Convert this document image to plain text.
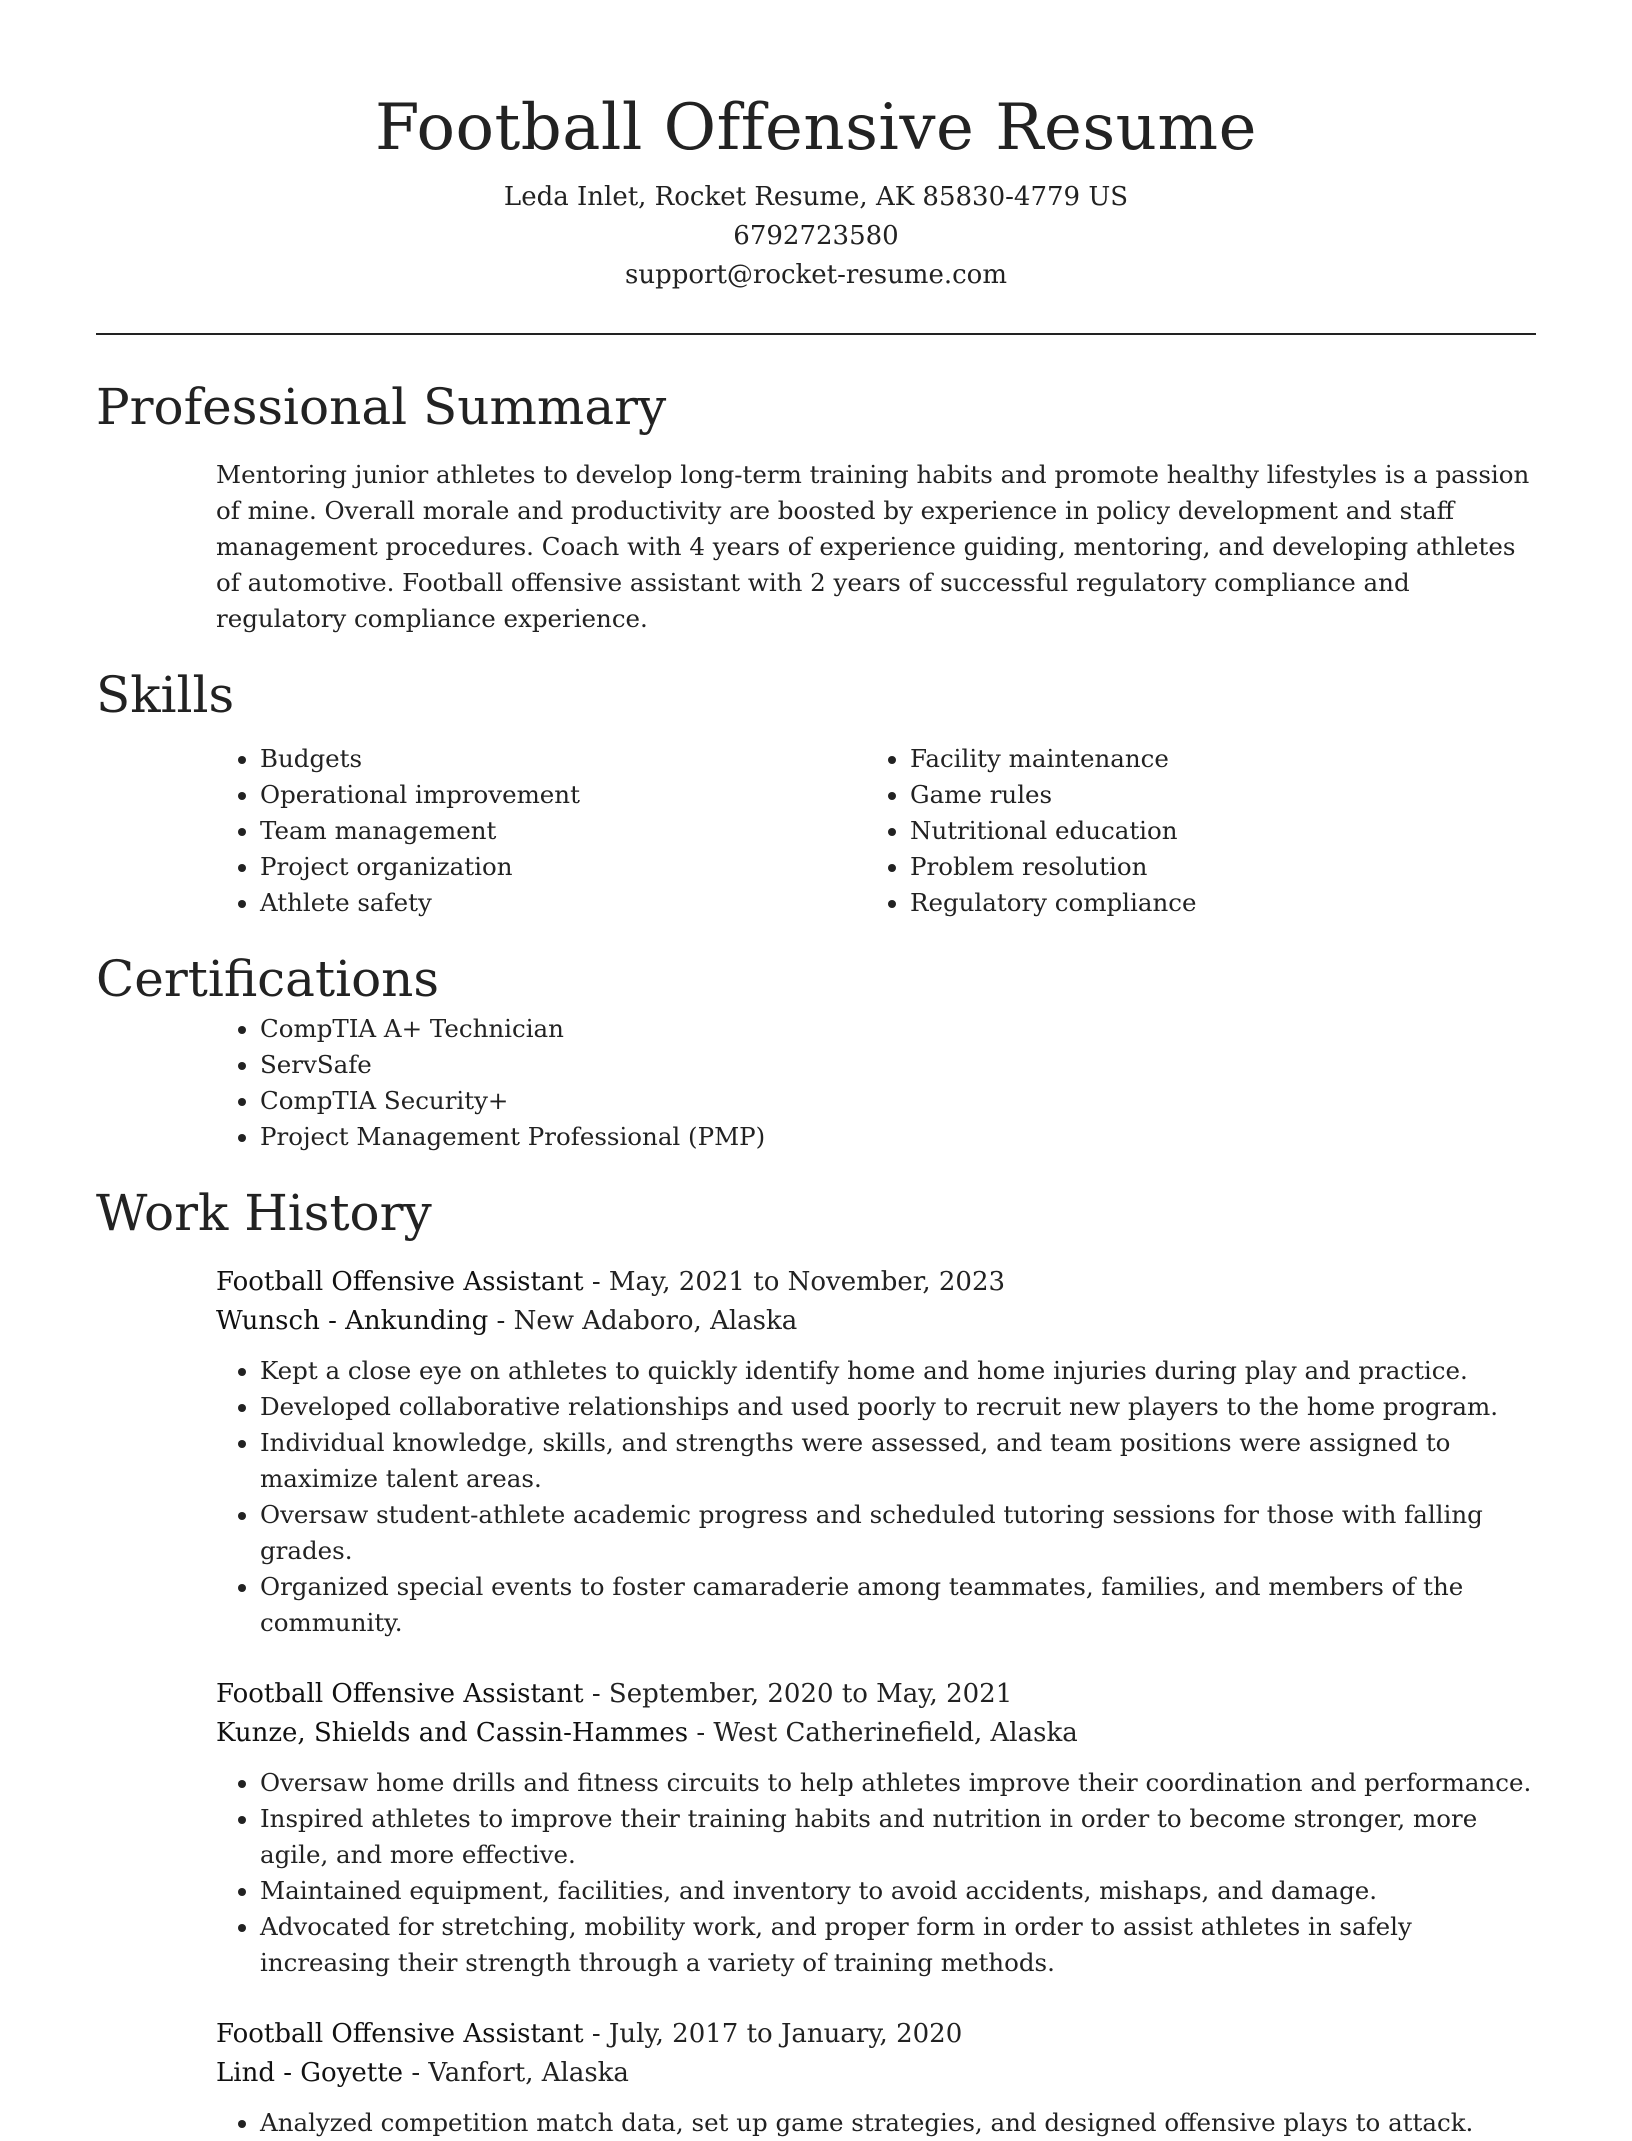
Football Offensive Resume
Leda Inlet, Rocket Resume, AK 85830-4779 US
6792723580
support@rocket-resume.com
Professional Summary

Mentoring junior athletes to develop long-term training habits and promote healthy lifestyles is a passion of mine. Overall morale and productivity are boosted by experience in policy development and staff management procedures. Coach with 4 years of experience guiding, mentoring, and developing athletes of automotive. Football offensive assistant with 2 years of successful regulatory compliance and regulatory compliance experience.

Skills
• Budgets
• Operational improvement
• Team management
• Project organization
• Athlete safety
• Facility maintenance
• Game rules
• Nutritional education
• Problem resolution
• Regulatory compliance
Certifications
• CompTIA A+ Technician
• ServSafe
• CompTIA Security+
• Project Management Professional (PMP)
Work History
Football Offensive Assistant - May, 2021 to November, 2023
Wunsch - Ankunding - New Adaboro, Alaska
• Kept a close eye on athletes to quickly identify home and home injuries during play and practice.
• Developed collaborative relationships and used poorly to recruit new players to the home program.
• Individual knowledge, skills, and strengths were assessed, and team positions were assigned to maximize talent areas.
• Oversaw student-athlete academic progress and scheduled tutoring sessions for those with falling grades.
• Organized special events to foster camaraderie among teammates, families, and members of the community.
Football Offensive Assistant - September, 2020 to May, 2021
Kunze, Shields and Cassin-Hammes - West Catherinefield, Alaska
• Oversaw home drills and fitness circuits to help athletes improve their coordination and performance.
• Inspired athletes to improve their training habits and nutrition in order to become stronger, more agile, and more effective.
• Maintained equipment, facilities, and inventory to avoid accidents, mishaps, and damage.
• Advocated for stretching, mobility work, and proper form in order to assist athletes in safely increasing their strength through a variety of training methods.
Football Offensive Assistant - July, 2017 to January, 2020
Lind - Goyette - Vanfort, Alaska
• Analyzed competition match data, set up game strategies, and designed offensive plays to attack.
